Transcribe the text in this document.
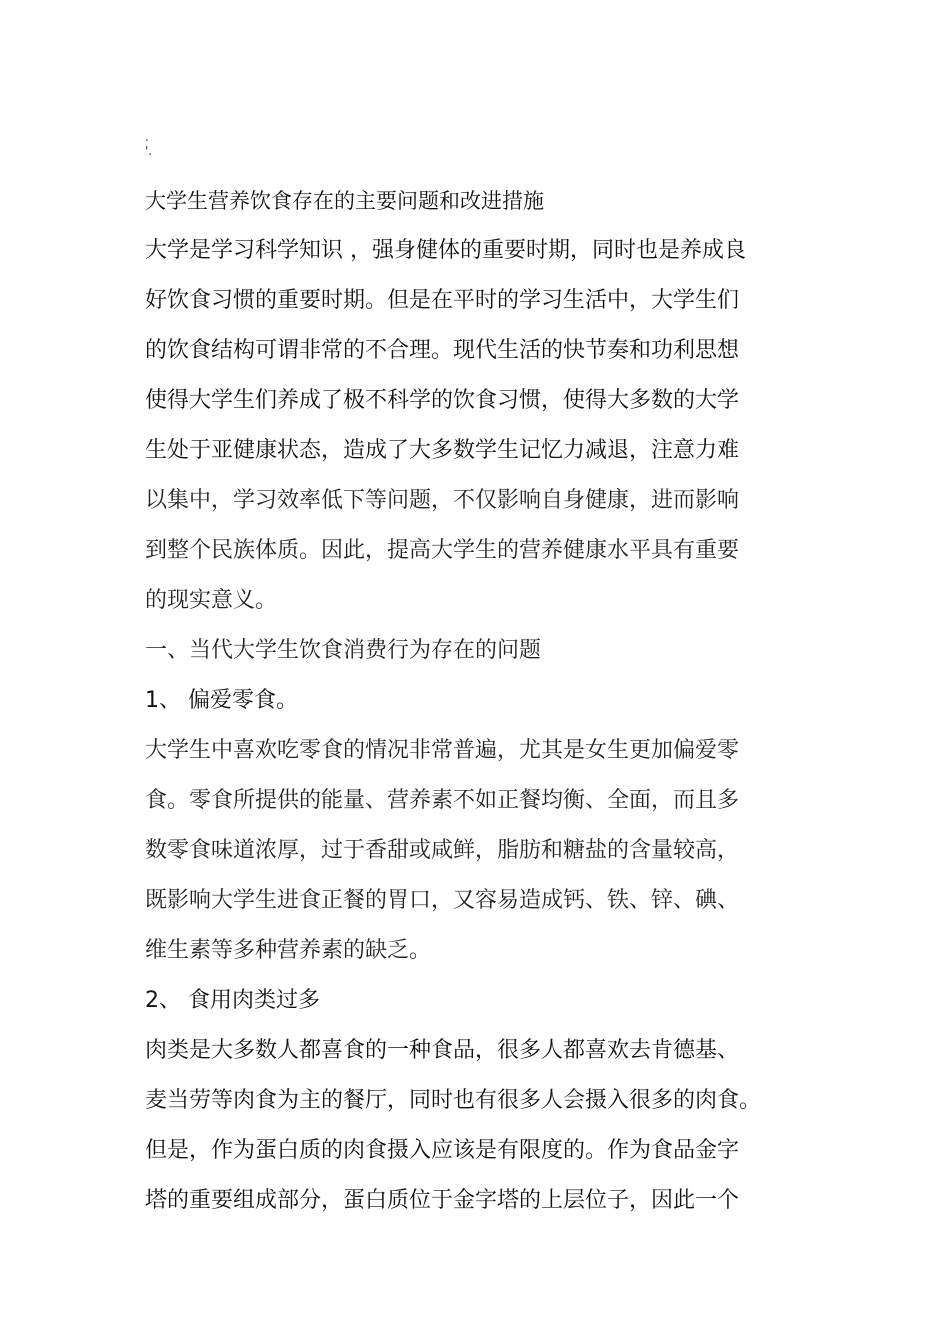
.
'.

大学生营养饮食存在的主要问题和改进措施

大学是学习科学知识 ，强身健体的重要时期，同时也是养成良

好饮食习惯的重要时期。但是在平时的学习生活中，大学生们

的饮食结构可谓非常的不合理。现代生活的快节奏和功利思想

使得大学生们养成了极不科学的饮食习惯，使得大多数的大学

生处于亚健康状态，造成了大多数学生记忆力减退，注意力难

以集中，学习效率低下等问题，不仅影响自身健康，进而影响

到整个民族体质。因此，提高大学生的营养健康水平具有重要

的现实意义。

一、当代大学生饮食消费行为存在的问题

1、 偏爱零食。

大学生中喜欢吃零食的情况非常普遍，尤其是女生更加偏爱零

食。零食所提供的能量、营养素不如正餐均衡、全面，而且多

数零食味道浓厚，过于香甜或咸鲜，脂肪和糖盐的含量较高，

既影响大学生进食正餐的胃口，又容易造成钙、铁、锌、碘、

维生素等多种营养素的缺乏。

2、 食用肉类过多

肉类是大多数人都喜食的一种食品，很多人都喜欢去肯德基、

麦当劳等肉食为主的餐厅，同时也有很多人会摄入很多的肉食。

但是，作为蛋白质的肉食摄入应该是有限度的。作为食品金字

塔的重要组成部分，蛋白质位于金字塔的上层位子，因此一个
